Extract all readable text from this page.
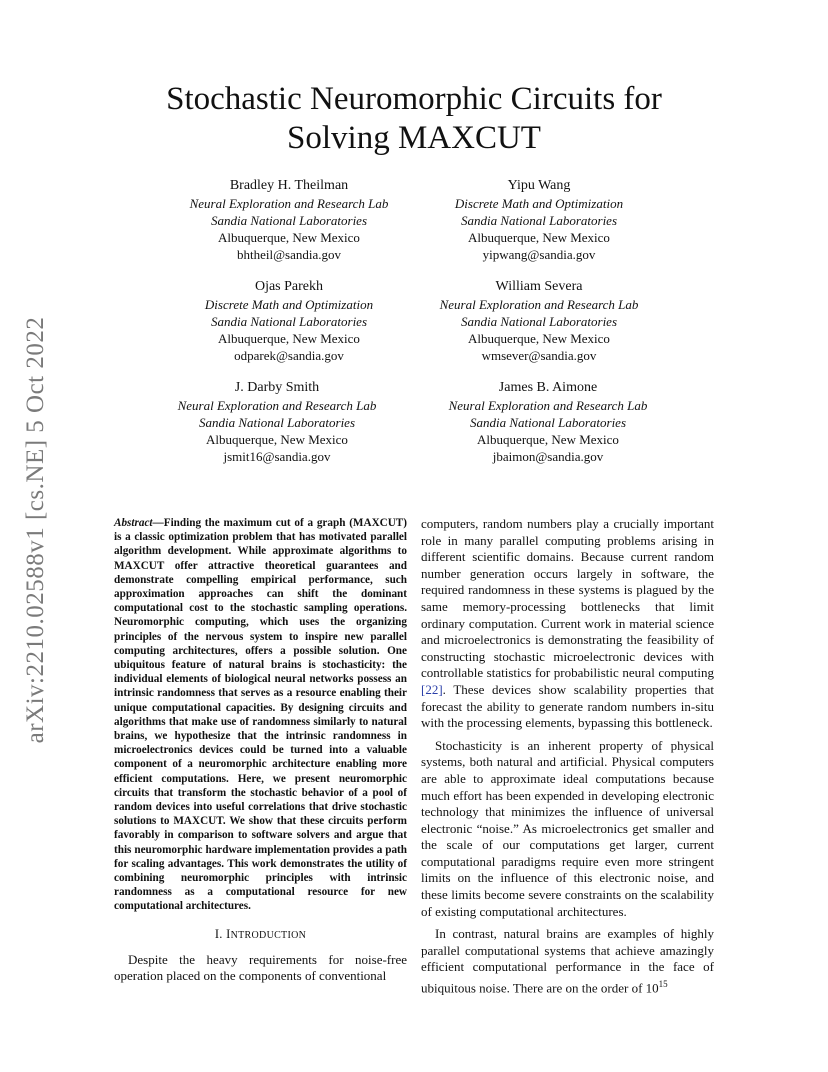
arXiv:2210.02588v1 [cs.NE] 5 Oct 2022
Stochastic Neuromorphic Circuits for
Solving MAXCUT
Bradley H. Theilman
Neural Exploration and Research Lab
Sandia National Laboratories
Albuquerque, New Mexico
bhtheil@sandia.gov
Yipu Wang
Discrete Math and Optimization
Sandia National Laboratories
Albuquerque, New Mexico
yipwang@sandia.gov
Ojas Parekh
Discrete Math and Optimization
Sandia National Laboratories
Albuquerque, New Mexico
odparek@sandia.gov
William Severa
Neural Exploration and Research Lab
Sandia National Laboratories
Albuquerque, New Mexico
wmsever@sandia.gov
J. Darby Smith
Neural Exploration and Research Lab
Sandia National Laboratories
Albuquerque, New Mexico
jsmit16@sandia.gov
James B. Aimone
Neural Exploration and Research Lab
Sandia National Laboratories
Albuquerque, New Mexico
jbaimon@sandia.gov

Abstract—Finding the maximum cut of a graph (MAXCUT) is a classic optimization problem that has motivated parallel algorithm development. While approximate algorithms to MAXCUT offer attractive theoretical guarantees and demonstrate compelling empirical performance, such approximation approaches can shift the dominant computational cost to the stochastic sampling operations. Neuromorphic computing, which uses the organizing principles of the nervous system to inspire new parallel computing architectures, offers a possible solution. One ubiquitous feature of natural brains is stochasticity: the individual elements of biological neural networks possess an intrinsic randomness that serves as a resource enabling their unique computational capacities. By designing circuits and algorithms that make use of randomness similarly to natural brains, we hypothesize that the intrinsic randomness in microelectronics devices could be turned into a valuable component of a neuromorphic architecture enabling more efficient computations. Here, we present neuromorphic circuits that transform the stochastic behavior of a pool of random devices into useful correlations that drive stochastic solutions to MAXCUT. We show that these circuits perform favorably in comparison to software solvers and argue that this neuromorphic hardware implementation provides a path for scaling advantages. This work demonstrates the utility of combining neuromorphic principles with intrinsic randomness as a computational resource for new computational architectures.

I. INTRODUCTION

Despite the heavy requirements for noise-free operation placed on the components of conventional

computers, random numbers play a crucially important role in many parallel computing problems arising in different scientific domains. Because current random number generation occurs largely in software, the required randomness in these systems is plagued by the same memory-processing bottlenecks that limit ordinary computation. Current work in material science and microelectronics is demonstrating the feasibility of constructing stochastic microelectronic devices with controllable statistics for probabilistic neural computing [22]. These devices show scalability properties that forecast the ability to generate random numbers in-situ with the processing elements, bypassing this bottleneck.

Stochasticity is an inherent property of physical systems, both natural and artificial. Physical computers are able to approximate ideal computations because much effort has been expended in developing electronic technology that minimizes the influence of universal electronic “noise.” As microelectronics get smaller and the scale of our computations get larger, current computational paradigms require even more stringent limits on the influence of this electronic noise, and these limits become severe constraints on the scalability of existing computational architectures.

In contrast, natural brains are examples of highly parallel computational systems that achieve amazingly efficient computational performance in the face of ubiquitous noise. There are on the order of $10^{15}$
